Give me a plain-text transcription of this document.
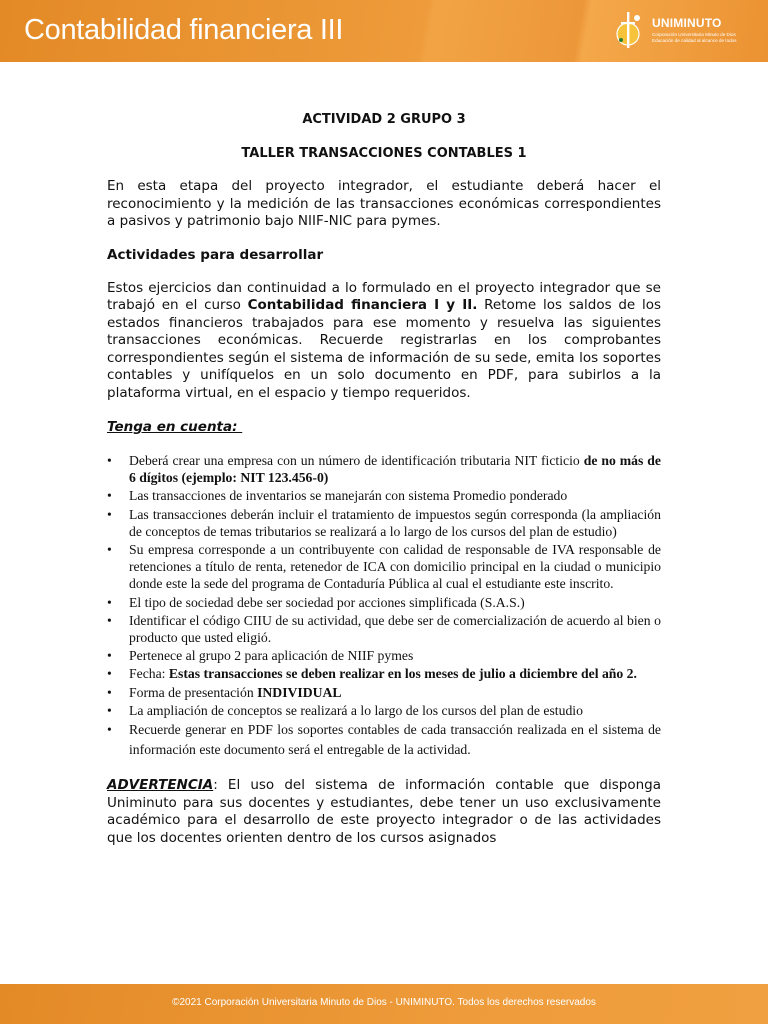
Contabilidad financiera III	UNIMINUTO
Corporación Universitaria Minuto de Dios
Educación de calidad al alcance de todos
ACTIVIDAD 2 GRUPO 3
TALLER TRANSACCIONES CONTABLES 1

En esta etapa del proyecto integrador, el estudiante deberá hacer el reconocimiento y la medición de las transacciones económicas correspondientes a pasivos y patrimonio bajo NIIF-NIC para pymes.

Actividades para desarrollar

Estos ejercicios dan continuidad a lo formulado en el proyecto integrador que se trabajó en el curso Contabilidad financiera I y II. Retome los saldos de los estados financieros trabajados para ese momento y resuelva las siguientes transacciones económicas. Recuerde registrarlas en los comprobantes correspondientes según el sistema de información de su sede, emita los soportes contables y unifíquelos en un solo documento en PDF, para subirlos a la plataforma virtual, en el espacio y tiempo requeridos.

Tenga en cuenta:
• Deberá crear una empresa con un número de identificación tributaria NIT ficticio de no más de 6 dígitos (ejemplo: NIT 123.456-0)
• Las transacciones de inventarios se manejarán con sistema Promedio ponderado
• Las transacciones deberán incluir el tratamiento de impuestos según corresponda (la ampliación de conceptos de temas tributarios se realizará a lo largo de los cursos del plan de estudio)
• Su empresa corresponde a un contribuyente con calidad de responsable de IVA responsable de retenciones a título de renta, retenedor de ICA con domicilio principal en la ciudad o municipio donde este la sede del programa de Contaduría Pública al cual el estudiante este inscrito.
• El tipo de sociedad debe ser sociedad por acciones simplificada (S.A.S.)
• Identificar el código CIIU de su actividad, que debe ser de comercialización de acuerdo al bien o producto que usted eligió.
• Pertenece al grupo 2 para aplicación de NIIF pymes
• Fecha: Estas transacciones se deben realizar en los meses de julio a diciembre del año 2.
• Forma de presentación INDIVIDUAL
• La ampliación de conceptos se realizará a lo largo de los cursos del plan de estudio
• Recuerde generar en PDF los soportes contables de cada transacción realizada en el sistema de información este documento será el entregable de la actividad.

ADVERTENCIA: El uso del sistema de información contable que disponga Uniminuto para sus docentes y estudiantes, debe tener un uso exclusivamente académico para el desarrollo de este proyecto integrador o de las actividades que los docentes orienten dentro de los cursos asignados

©2021 Corporación Universitaria Minuto de Dios - UNIMINUTO. Todos los derechos reservados
